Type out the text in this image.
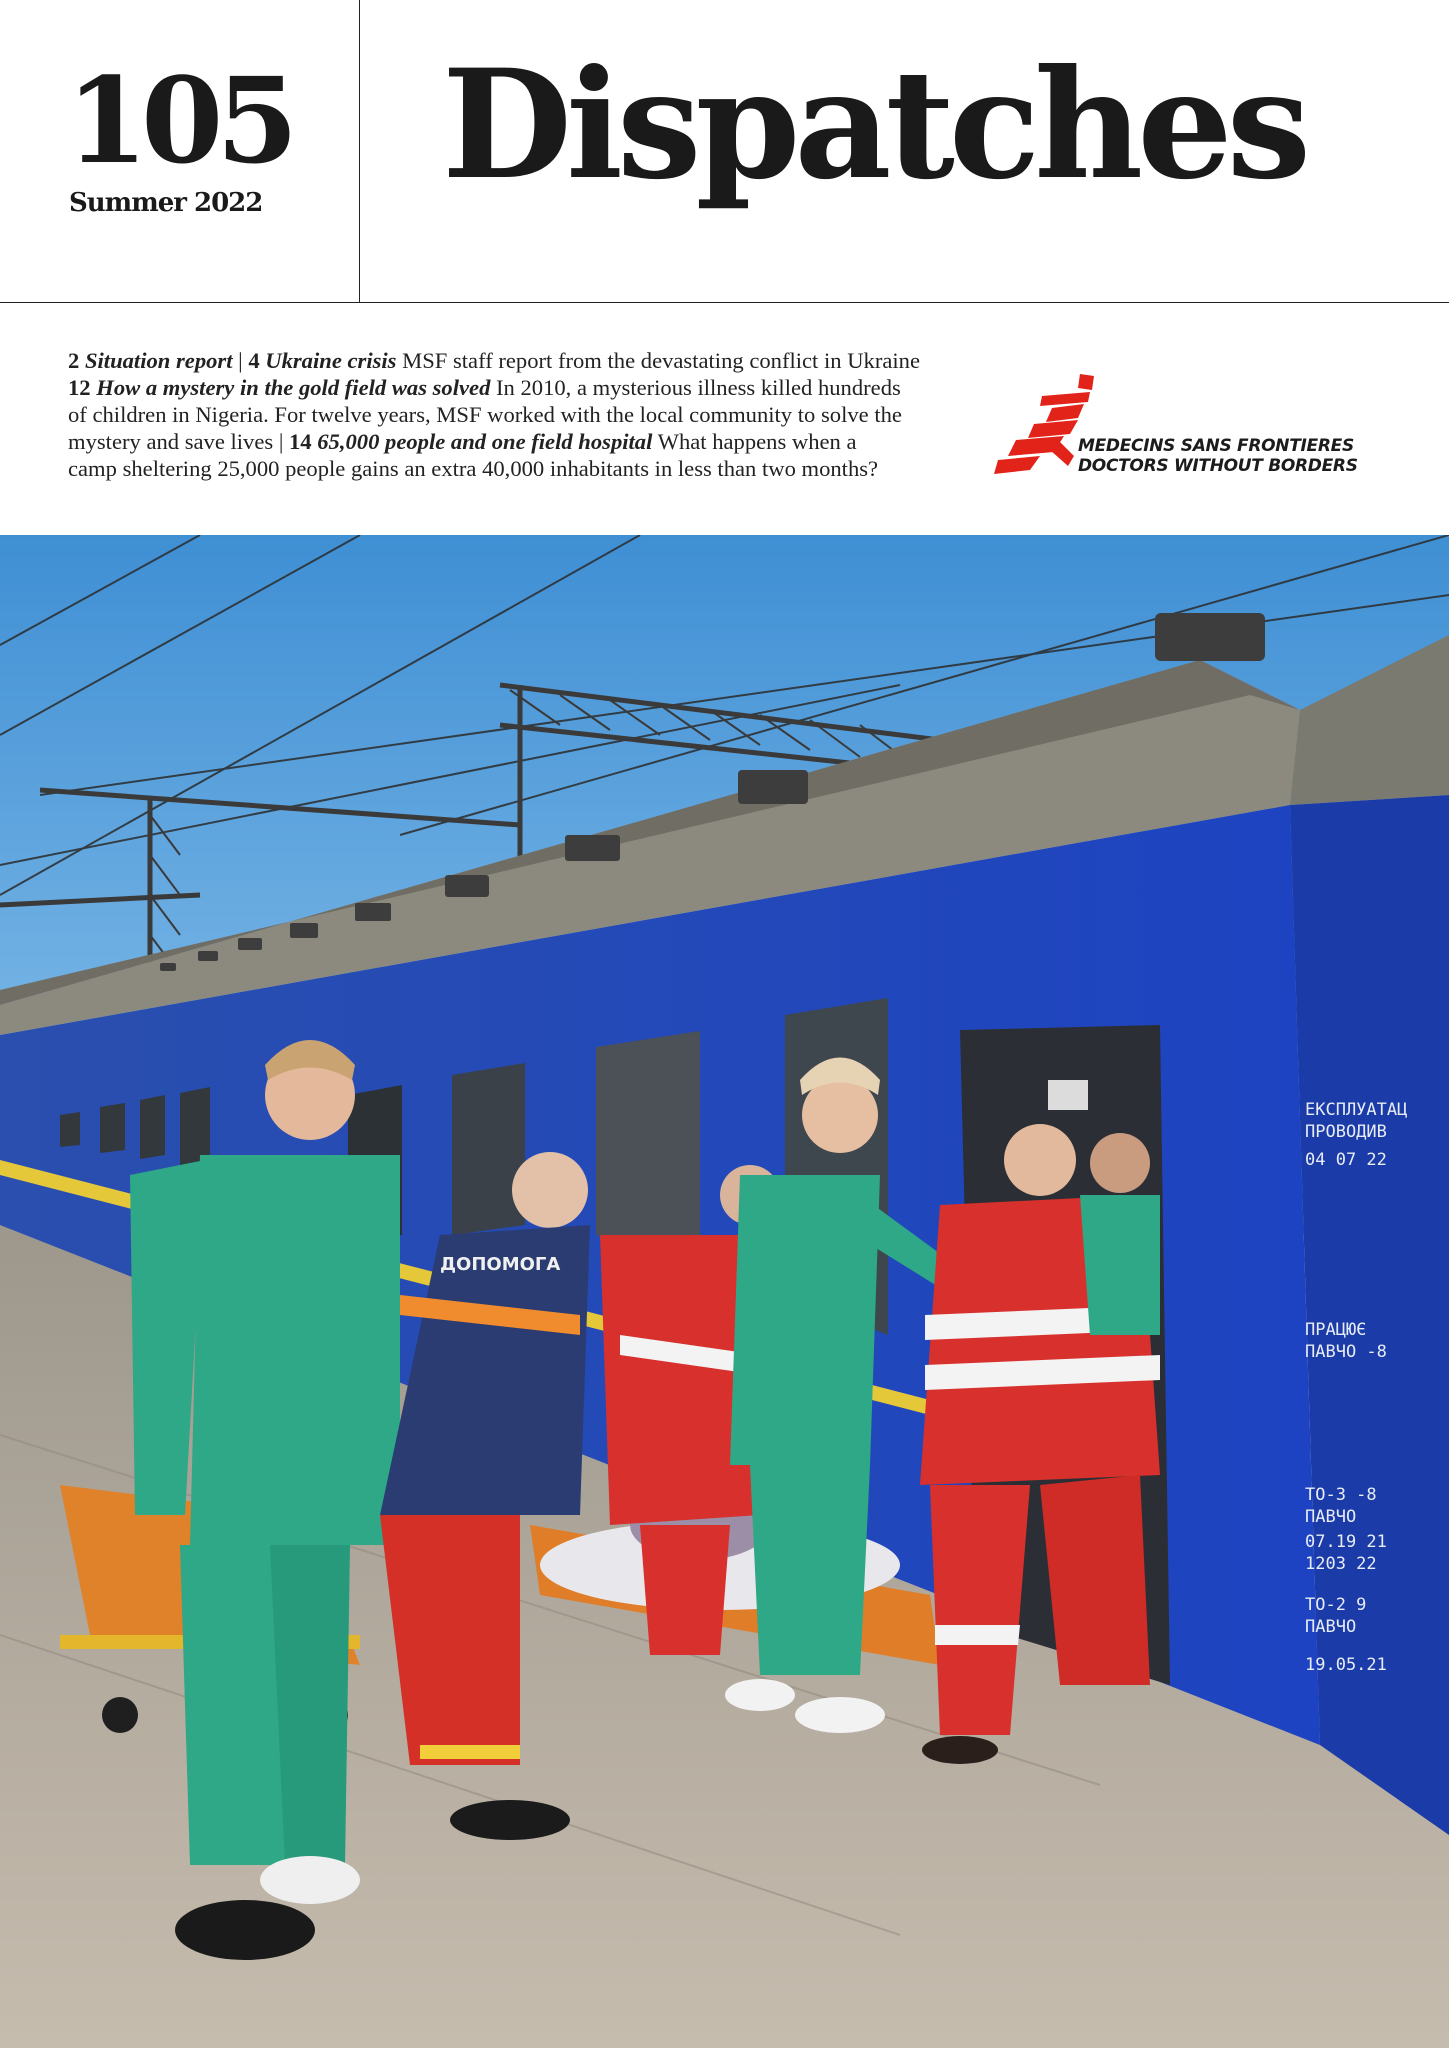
105
Summer 2022 Dispatches
2 Situation report | 4 Ukraine crisis MSF staff report from the devastating conflict in Ukraine
12 How a mystery in the gold field was solved In 2010, a mysterious illness killed hundreds
of children in Nigeria. For twelve years, MSF worked with the local community to solve the
mystery and save lives | 14 65,000 people and one field hospital What happens when a
camp sheltering 25,000 people gains an extra 40,000 inhabitants in less than two months?
MEDECINS SANS FRONTIERES
DOCTORS WITHOUT BORDERS
ЕКСПЛУАТАЦ
ПРОВОДИВ
04 07 22
ПРАЦЮЄ
ПАВЧО -8
ТО-3 -8
ПАВЧО
07.19 21
1203 22
ТО-2 9
ПАВЧО
19.05.21
ДОПОМОГА
